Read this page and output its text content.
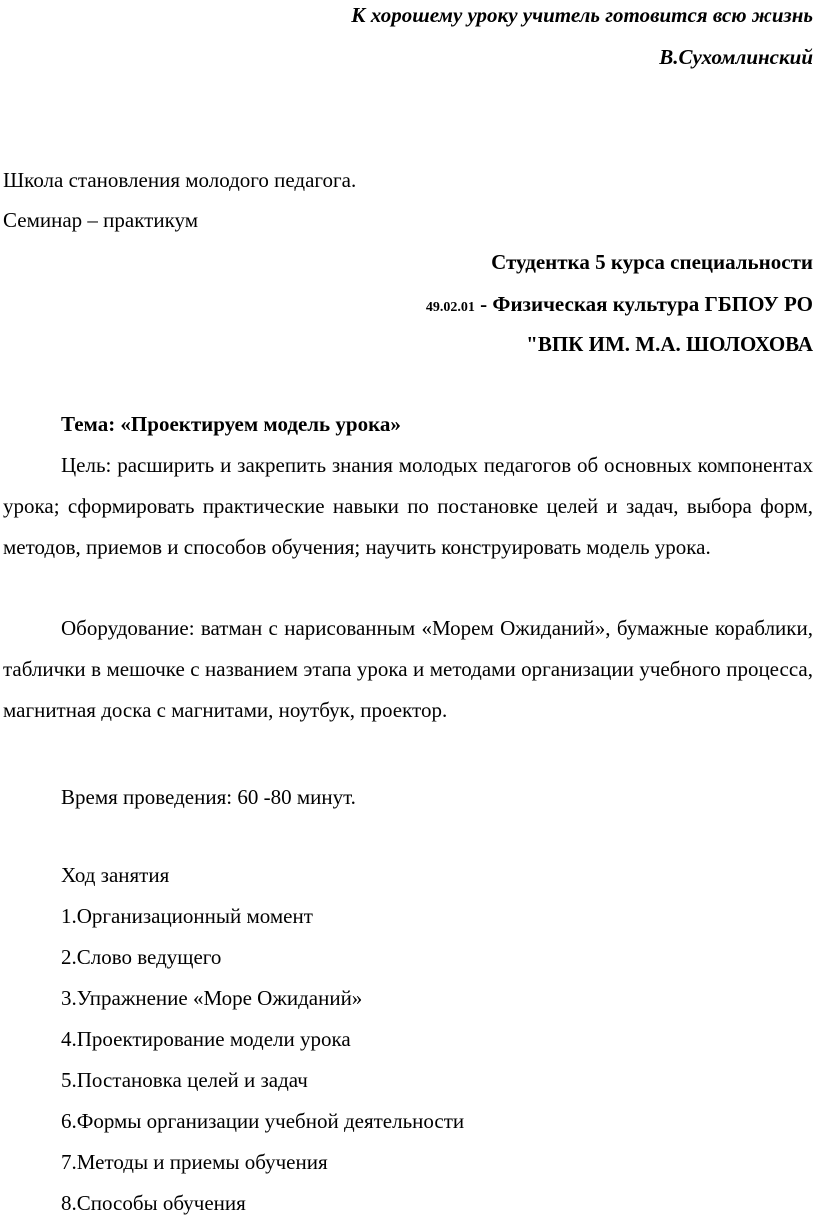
К хорошему уроку учитель готовится всю жизнь
В.Сухомлинский
Школа становления молодого педагога.
Семинар – практикум
Студентка 5 курса специальности
49.02.01 - Физическая культура ГБПОУ РО
"ВПК ИМ. М.А. ШОЛОХОВА
Тема: «Проектируем модель урока»
Цель: расширить и закрепить знания молодых педагогов об основных компонентах урока; сформировать практические навыки по постановке целей и задач, выбора форм, методов, приемов и способов обучения; научить конструировать модель урока.
Оборудование: ватман с нарисованным «Морем Ожиданий», бумажные кораблики, таблички в мешочке с названием этапа урока и методами организации учебного процесса, магнитная доска с магнитами, ноутбук, проектор.
Время проведения: 60 -80 минут.
Ход занятия
1.Организационный момент
2.Слово ведущего
3.Упражнение «Море Ожиданий»
4.Проектирование модели урока
5.Постановка целей и задач
6.Формы организации учебной деятельности
7.Методы и приемы обучения
8.Способы обучения
